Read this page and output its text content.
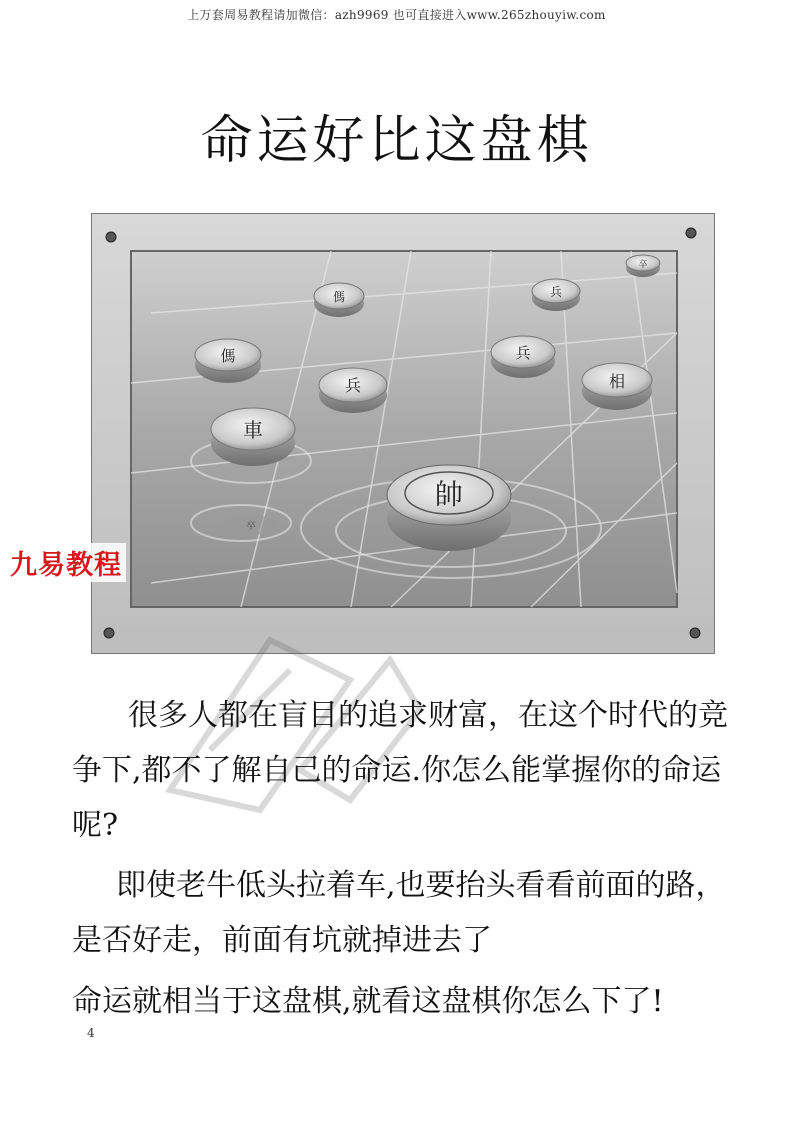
上万套周易教程请加微信：azh9969 也可直接进入www.265zhouyiw.com
命运好比这盘棋
傌	兵
卒
傌
兵
兵
相
車
卒
帥
九易教程
很多人都在盲目的追求财富，在这个时代的竞争下,都不了解自己的命运.你怎么能掌握你的命运呢?
即使老牛低头拉着车,也要抬头看看前面的路，是否好走，前面有坑就掉进去了
命运就相当于这盘棋,就看这盘棋你怎么下了!
4
